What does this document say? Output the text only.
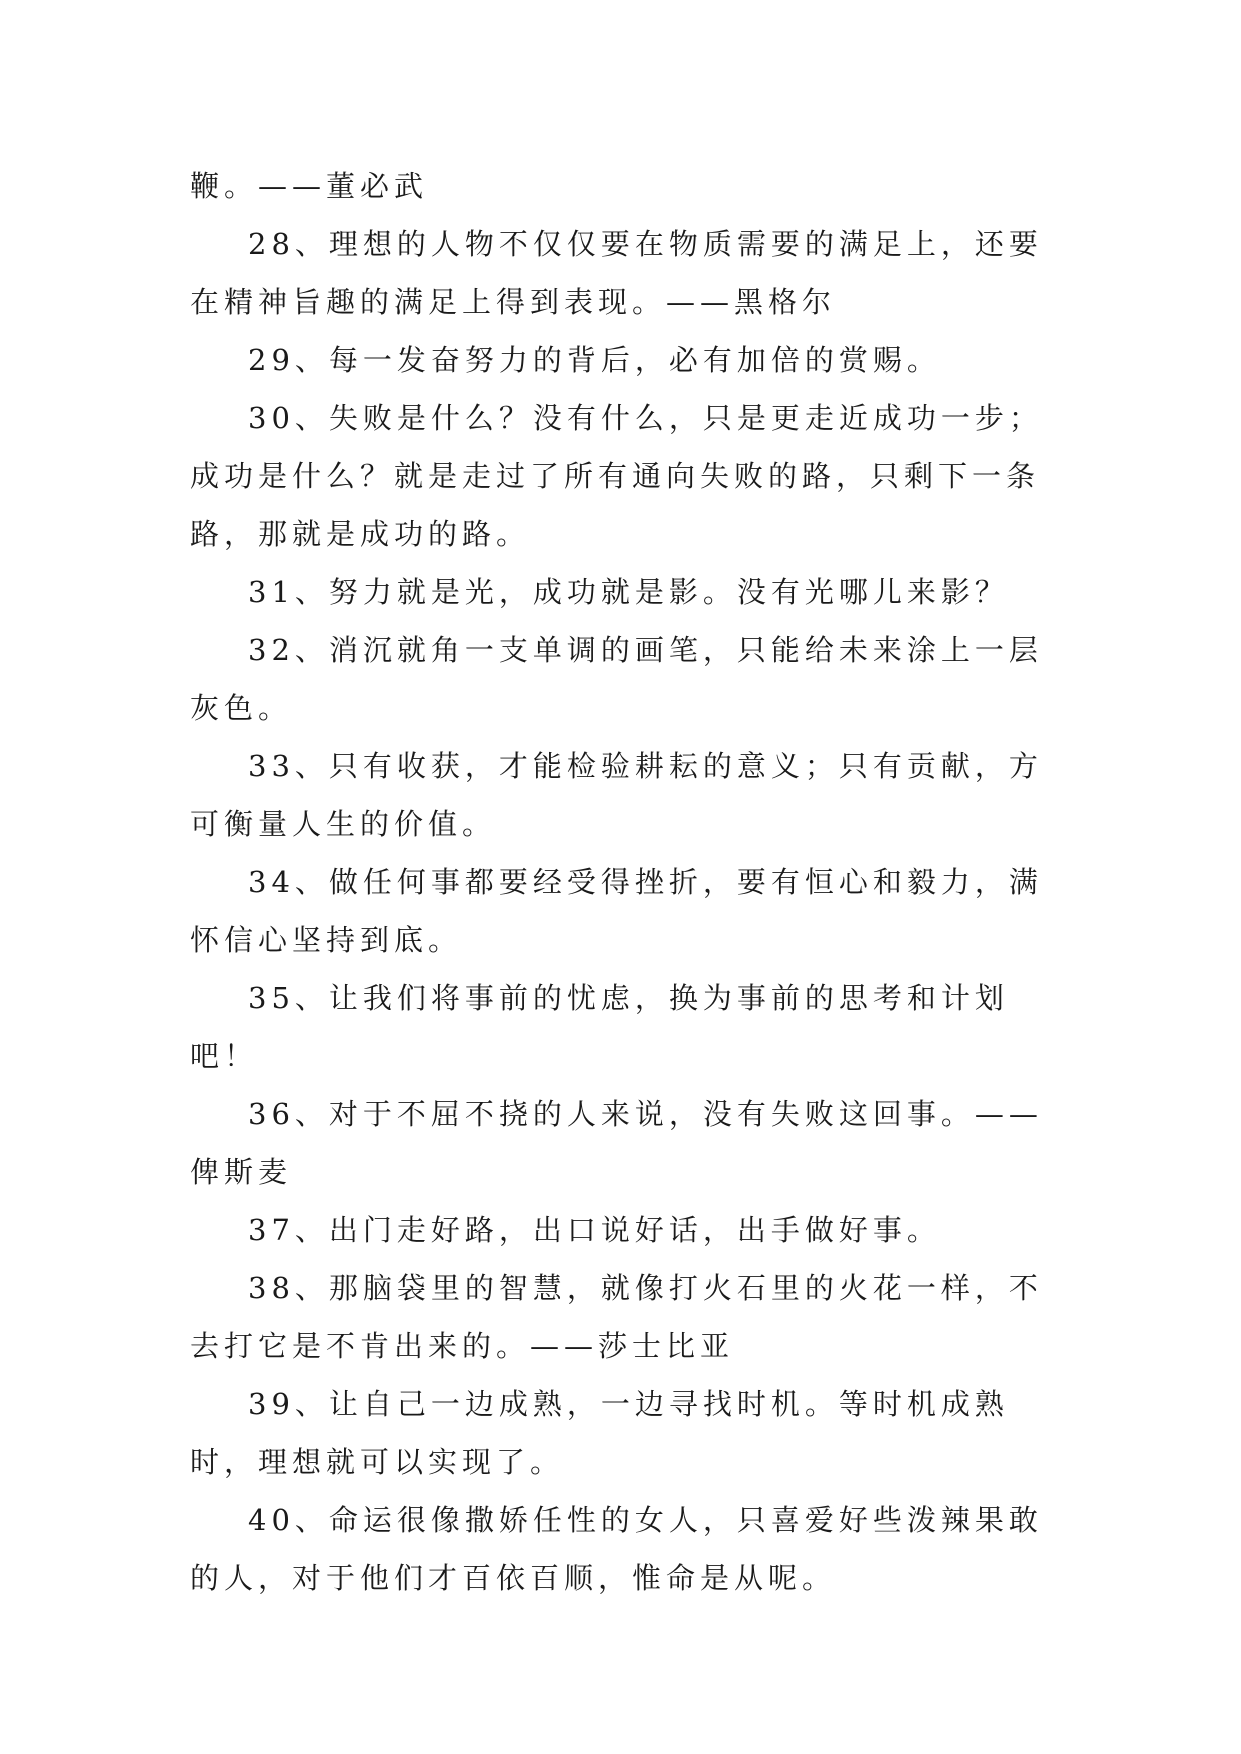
鞭。——董必武

28、理想的人物不仅仅要在物质需要的满足上，还要在精神旨趣的满足上得到表现。——黑格尔

29、每一发奋努力的背后，必有加倍的赏赐。

30、失败是什么？没有什么，只是更走近成功一步；成功是什么？就是走过了所有通向失败的路，只剩下一条路，那就是成功的路。

31、努力就是光，成功就是影。没有光哪儿来影？

32、消沉就角一支单调的画笔，只能给未来涂上一层灰色。

33、只有收获，才能检验耕耘的意义；只有贡献，方可衡量人生的价值。

34、做任何事都要经受得挫折，要有恒心和毅力，满怀信心坚持到底。

35、让我们将事前的忧虑，换为事前的思考和计划吧！

36、对于不屈不挠的人来说，没有失败这回事。——俾斯麦

37、出门走好路，出口说好话，出手做好事。

38、那脑袋里的智慧，就像打火石里的火花一样，不去打它是不肯出来的。——莎士比亚

39、让自己一边成熟，一边寻找时机。等时机成熟时，理想就可以实现了。

40、命运很像撒娇任性的女人，只喜爱好些泼辣果敢的人，对于他们才百依百顺，惟命是从呢。
